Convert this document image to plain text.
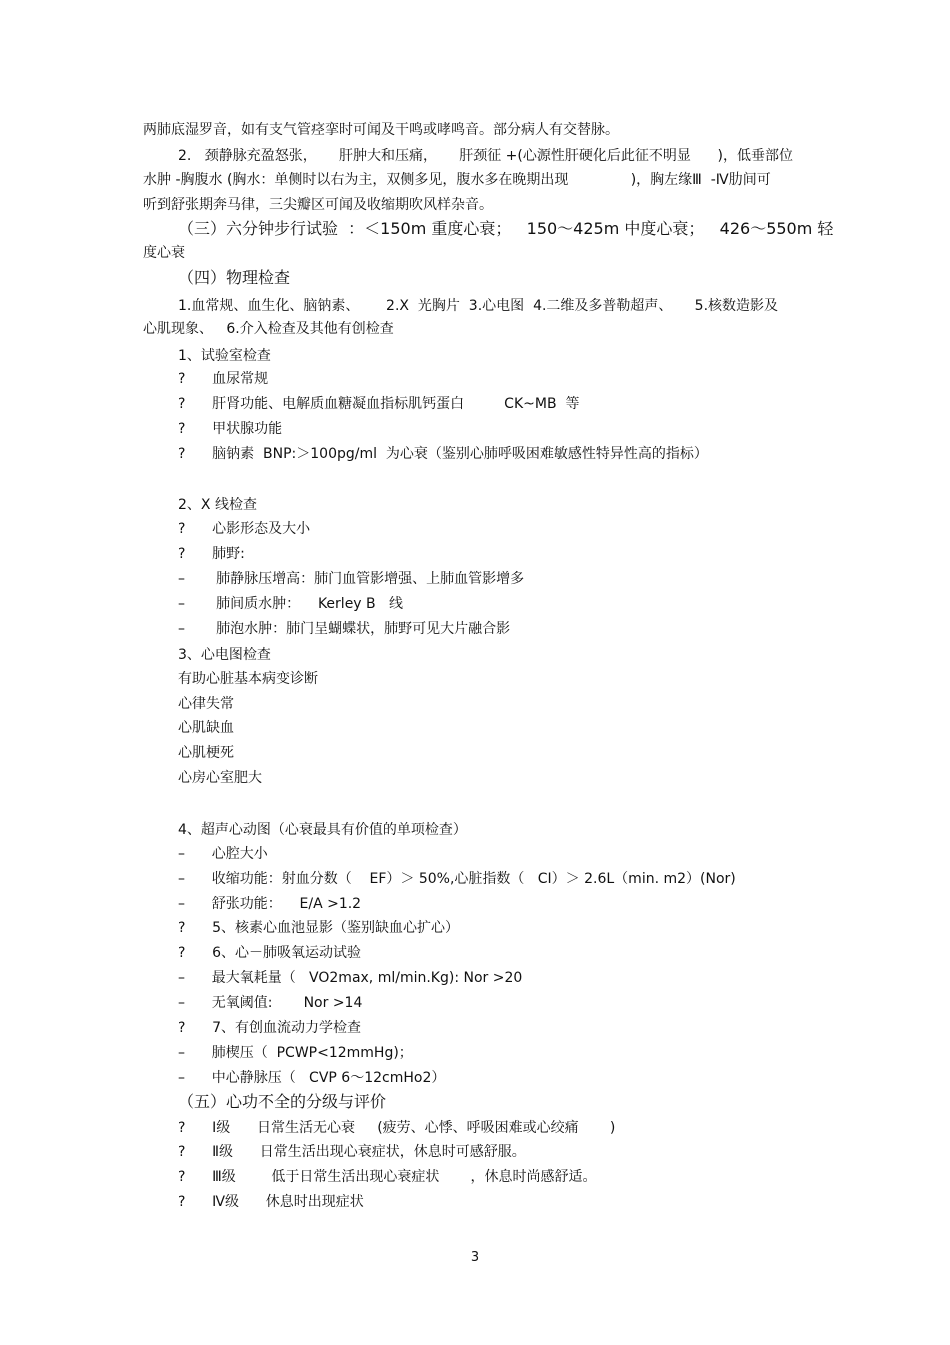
两肺底湿罗音，如有支气管痉挛时可闻及干鸣或哮鸣音。部分病人有交替脉。
2.   颈静脉充盈怒张，     肝肿大和压痛，     肝颈征 +(心源性肝硬化后此征不明显      )，低垂部位
水肿 -胸腹水 (胸水：单侧时以右为主，双侧多见，腹水多在晚期出现              )，胸左缘Ⅲ  -Ⅳ肋间可
听到舒张期奔马律，三尖瓣区可闻及收缩期吹风样杂音。
（三）六分钟步行试验  ：＜150m 重度心衰；   150～425m 中度心衰；   426～550m 轻
度心衰
（四）物理检查
1.血常规、血生化、脑钠素、      2.X  光胸片  3.心电图  4.二维及多普勒超声、     5.核数造影及
心肌现象、   6.介入检查及其他有创检查
1、试验室检查
?      血尿常规
?      肝肾功能、电解质血糖凝血指标肌钙蛋白         CK~MB  等
?      甲状腺功能
?      脑钠素  BNP:＞100pg/ml  为心衰（鉴别心肺呼吸困难敏感性特异性高的指标）
2、X 线检查
?      心影形态及大小
?      肺野:
–       肺静脉压增高：肺门血管影增强、上肺血管影增多
–       肺间质水肿：    Kerley B   线
–       肺泡水肿：肺门呈蝴蝶状，肺野可见大片融合影
3、心电图检查
有助心脏基本病变诊断
心律失常
心肌缺血
心肌梗死
心房心室肥大
4、超声心动图（心衰最具有价值的单项检查）
–      心腔大小
–      收缩功能：射血分数（    EF）＞ 50%,心脏指数（   CI）＞ 2.6L（min. m2）(Nor)
–      舒张功能：    E/A >1.2
?      5、核素心血池显影（鉴别缺血心扩心）
?      6、心－肺吸氧运动试验
–      最大氧耗量（   VO2max, ml/min.Kg): Nor >20
–      无氧阈值:       Nor >14
?      7、有创血流动力学检查
–      肺楔压（  PCWP<12mmHg)；
–      中心静脉压（   CVP 6～12cmHo2）
（五）心功不全的分级与评价
?      Ⅰ级      日常生活无心衰     (疲劳、心悸、呼吸困难或心绞痛       )
?      Ⅱ级      日常生活出现心衰症状，休息时可感舒服。
?      Ⅲ级        低于日常生活出现心衰症状       ，休息时尚感舒适。
?      Ⅳ级      休息时出现症状
3
